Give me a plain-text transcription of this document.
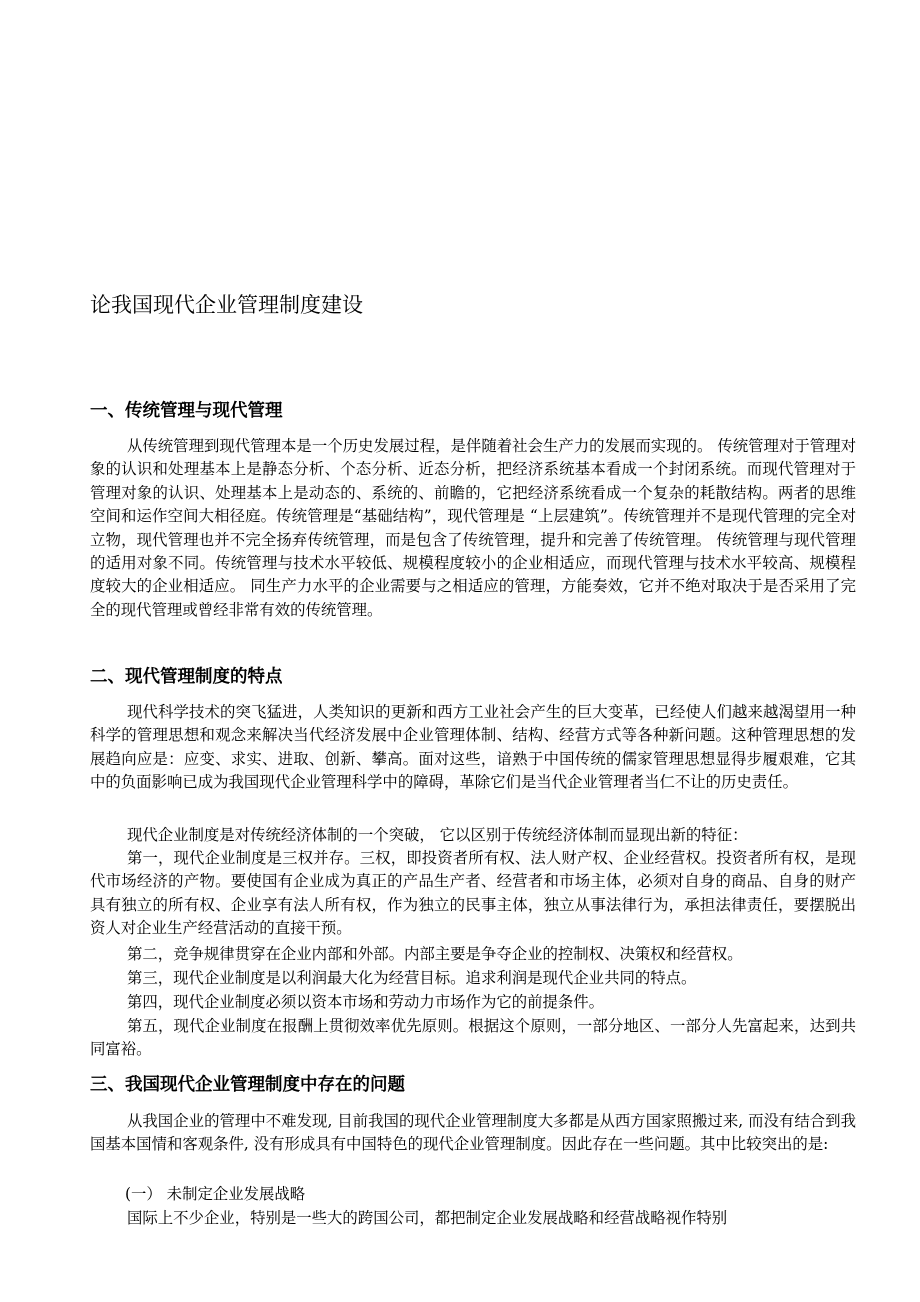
论我国现代企业管理制度建设
一、传统管理与现代管理

从传统管理到现代管理本是一个历史发展过程，是伴随着社会生产力的发展而实现的。 传统管理对于管理对象的认识和处理基本上是静态分析、个态分析、近态分析，把经济系统基本看成一个封闭系统。而现代管理对于管理对象的认识、处理基本上是动态的、系统的、前瞻的，它把经济系统看成一个复杂的耗散结构。两者的思维空间和运作空间大相径庭。传统管理是“基础结构”，现代管理是 “上层建筑”。传统管理并不是现代管理的完全对立物，现代管理也并不完全扬弃传统管理，而是包含了传统管理，提升和完善了传统管理。 传统管理与现代管理的适用对象不同。传统管理与技术水平较低、规模程度较小的企业相适应，而现代管理与技术水平较高、规模程度较大的企业相适应。 同生产力水平的企业需要与之相适应的管理，方能奏效，它并不绝对取决于是否采用了完全的现代管理或曾经非常有效的传统管理。

二、现代管理制度的特点

现代科学技术的突飞猛进，人类知识的更新和西方工业社会产生的巨大变革，已经使人们越来越渴望用一种科学的管理思想和观念来解决当代经济发展中企业管理体制、结构、经营方式等各种新问题。这种管理思想的发展趋向应是：应变、求实、进取、创新、攀高。面对这些，谙熟于中国传统的儒家管理思想显得步履艰难，它其中的负面影响已成为我国现代企业管理科学中的障碍，革除它们是当代企业管理者当仁不让的历史责任。

现代企业制度是对传统经济体制的一个突破， 它以区别于传统经济体制而显现出新的特征：

第一，现代企业制度是三权并存。三权，即投资者所有权、法人财产权、企业经营权。投资者所有权，是现代市场经济的产物。要使国有企业成为真正的产品生产者、经营者和市场主体，必须对自身的商品、自身的财产具有独立的所有权、企业享有法人所有权，作为独立的民事主体，独立从事法律行为，承担法律责任，要摆脱出资人对企业生产经营活动的直接干预。

第二，竞争规律贯穿在企业内部和外部。内部主要是争夺企业的控制权、决策权和经营权。

第三，现代企业制度是以利润最大化为经营目标。追求利润是现代企业共同的特点。

第四，现代企业制度必须以资本市场和劳动力市场作为它的前提条件。

第五，现代企业制度在报酬上贯彻效率优先原则。根据这个原则，一部分地区、一部分人先富起来，达到共同富裕。

三、我国现代企业管理制度中存在的问题

从我国企业的管理中不难发现, 目前我国的现代企业管理制度大多都是从西方国家照搬过来, 而没有结合到我国基本国情和客观条件, 没有形成具有中国特色的现代企业管理制度。因此存在一些问题。其中比较突出的是:

(一） 未制定企业发展战略

国际上不少企业，特别是一些大的跨国公司，都把制定企业发展战略和经营战略视作特别
